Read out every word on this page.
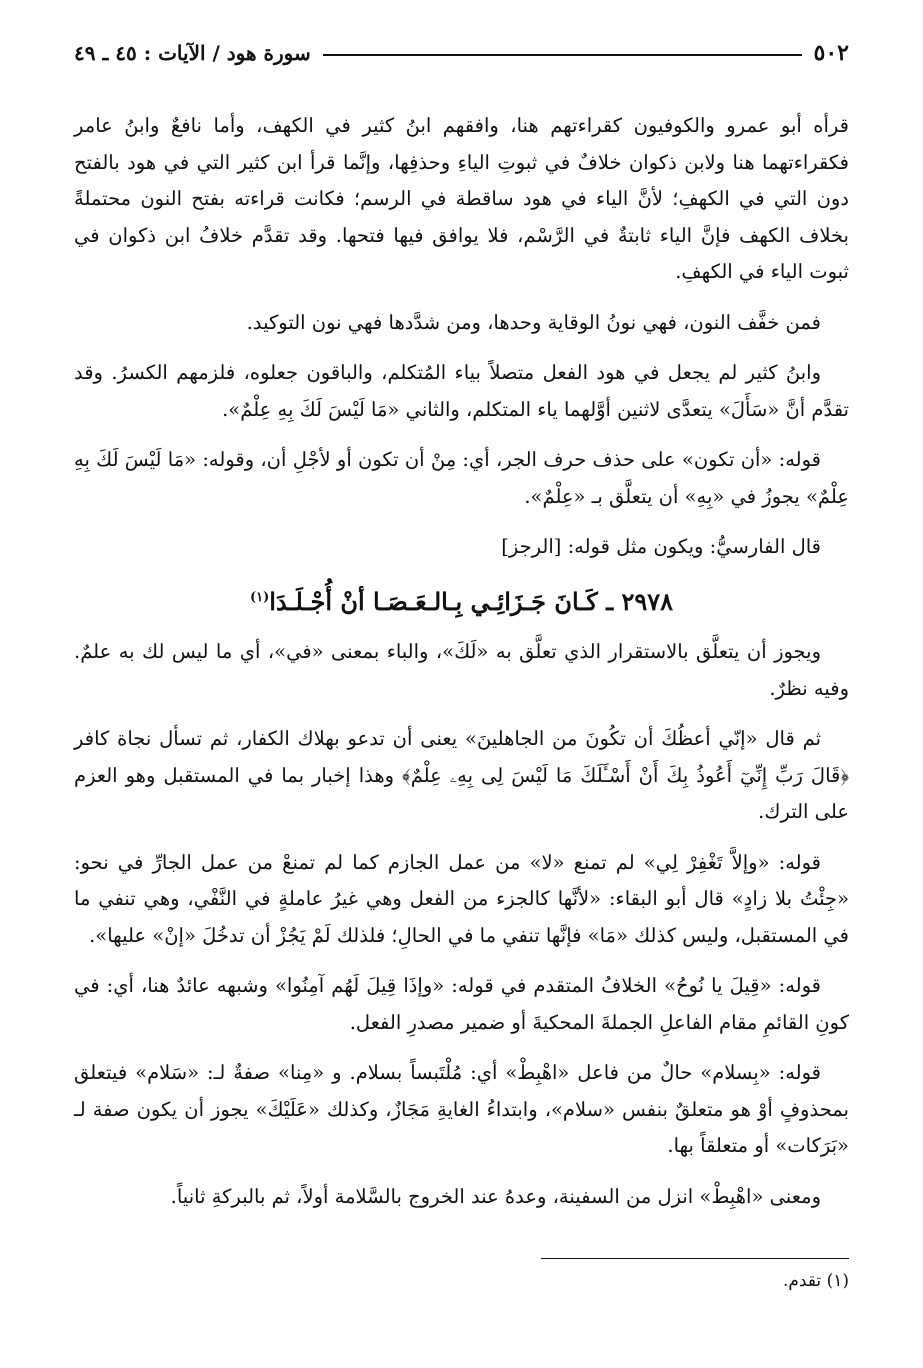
٥٠٢
سورة هود / الآيات : ٤٥ ـ ٤٩

قرأه أبو عمرو والكوفيون كقراءتهم هنا، وافقهم ابنُ كثير في الكهف، وأما نافعٌ وابنُ عامر فكقراءتهما هنا ولابن ذكوان خلافٌ في ثبوتِ الياءِ وحذفِها، وإنَّما قرأ ابن كثير التي في هود بالفتح دون التي في الكهفِ؛ لأنَّ الياء في هود ساقطة في الرسم؛ فكانت قراءته بفتح النون محتملةً بخلاف الكهف فإنَّ الياء ثابتةٌ في الرَّسْم، فلا يوافق فيها فتحها. وقد تقدَّم خلافُ ابن ذكوان في ثبوت الياء في الكهفِ.

فمن خفَّف النون، فهي نونُ الوقاية وحدها، ومن شدَّدها فهي نون التوكيد.

وابنُ كثير لم يجعل في هود الفعل متصلاً بياء المُتكلم، والباقون جعلوه، فلزمهم الكسرُ. وقد تقدَّم أنَّ «سَأَلَ» يتعدَّى لاثنين أوَّلهما ياء المتكلم، والثاني «مَا لَيْسَ لَكَ بِهِ عِلْمٌ».

قوله: «أن تكون» على حذف حرف الجر، أي: مِنْ أن تكون أو لأجْلِ أن، وقوله: «مَا لَيْسَ لَكَ بِهِ عِلْمٌ» يجوزُ في «بِهِ» أن يتعلَّق بـ «عِلْمٌ».

قال الفارسيُّ: ويكون مثل قوله: [الرجز]

٢٩٧٨ ـ كَـانَ جَـزَائِـي بِـالـعَـصَـا أنْ أُجْـلَـدَا$^{(١)}$

ويجوز أن يتعلَّق بالاستقرار الذي تعلَّق به «لَكَ»، والباء بمعنى «في»، أي ما ليس لك به علمٌ. وفيه نظرٌ.

ثم قال «إنّي أعظُكَ أن تكُونَ من الجاهلينَ» يعنى أن تدعو بهلاك الكفار، ثم تسأل نجاة كافر ﴿قَالَ رَبِّ إِنِّيٓ أَعُوذُ بِكَ أَنْ أَسْـَٔلَكَ مَا لَيْسَ لِى بِهِۦ عِلْمٌ﴾ وهذا إخبار بما في المستقبل وهو العزم على الترك.

قوله: «وإلاَّ تَغْفِرْ لِي» لم تمنع «لا» من عمل الجازم كما لم تمنعْ من عمل الجارِّ في نحو: «جِئْتُ بلا زادٍ» قال أبو البقاء: «لأنَّها كالجزء من الفعل وهي غيرُ عاملةٍ في النَّفْي، وهي تنفي ما في المستقبل، وليس كذلك «مَا» فإنَّها تنفي ما في الحالِ؛ فلذلك لَمْ يَجُزْ أن تدخُلَ «إنْ» عليها».

قوله: «قِيلَ يا نُوحُ» الخلافُ المتقدم في قوله: «وإذَا قِيلَ لَهُم آمِنُوا» وشبهه عائدٌ هنا، أي: في كونِ القائمِ مقام الفاعلِ الجملةَ المحكيةَ أو ضمير مصدرِ الفعل.

قوله: «بِسلام» حالٌ من فاعل «اهْبِطْ» أي: مُلْتَبساً بسلام. و «مِنا» صفةٌ لـ: «سَلام» فيتعلق بمحذوفٍ أوْ هو متعلقٌ بنفس «سلام»، وابتداءُ الغايةِ مَجَازٌ، وكذلك «عَلَيْكَ» يجوز أن يكون صفة لـ «بَرَكات» أو متعلقاً بها.

ومعنى «اهْبِطْ» انزل من السفينة، وعدهُ عند الخروج بالسَّلامة أولاً، ثم بالبركةِ ثانياً.

(١) تقدم.
